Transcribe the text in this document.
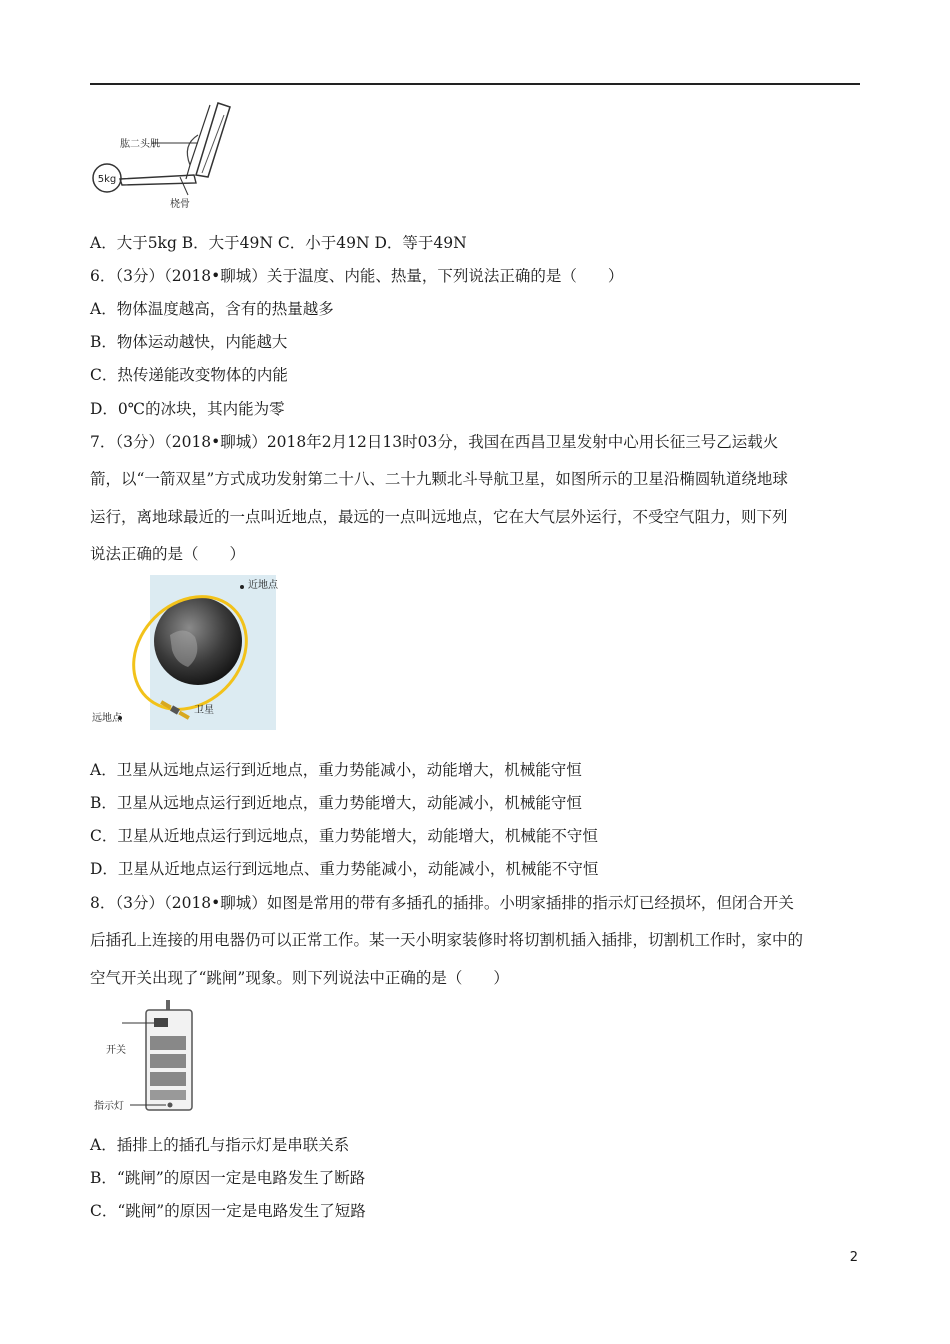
肱二头肌
5kg
桡骨
A．大于5kg B．大于49N C．小于49N D．等于49N
6．（3分）（2018•聊城）关于温度、内能、热量，下列说法正确的是（　　）
A．物体温度越高，含有的热量越多
B．物体运动越快，内能越大
C．热传递能改变物体的内能
D．0℃的冰块，其内能为零
7．（3分）（2018•聊城）2018年2月12日13时03分，我国在西昌卫星发射中心用长征三号乙运载火
箭，以“一箭双星”方式成功发射第二十八、二十九颗北斗导航卫星，如图所示的卫星沿椭圆轨道绕地球
运行，离地球最近的一点叫近地点，最远的一点叫远地点，它在大气层外运行，不受空气阻力，则下列
说法正确的是（　　）
近地点
远地点
卫星
A．卫星从远地点运行到近地点，重力势能减小，动能增大，机械能守恒
B．卫星从远地点运行到近地点，重力势能增大，动能减小，机械能守恒
C．卫星从近地点运行到远地点，重力势能增大，动能增大，机械能不守恒
D．卫星从近地点运行到远地点、重力势能减小，动能减小，机械能不守恒
8．（3分）（2018•聊城）如图是常用的带有多插孔的插排。小明家插排的指示灯已经损坏，但闭合开关
后插孔上连接的用电器仍可以正常工作。某一天小明家装修时将切割机插入插排，切割机工作时，家中的
空气开关出现了“跳闸”现象。则下列说法中正确的是（　　）
开关
指示灯
A．插排上的插孔与指示灯是串联关系
B．“跳闸”的原因一定是电路发生了断路
C．“跳闸”的原因一定是电路发生了短路
2
